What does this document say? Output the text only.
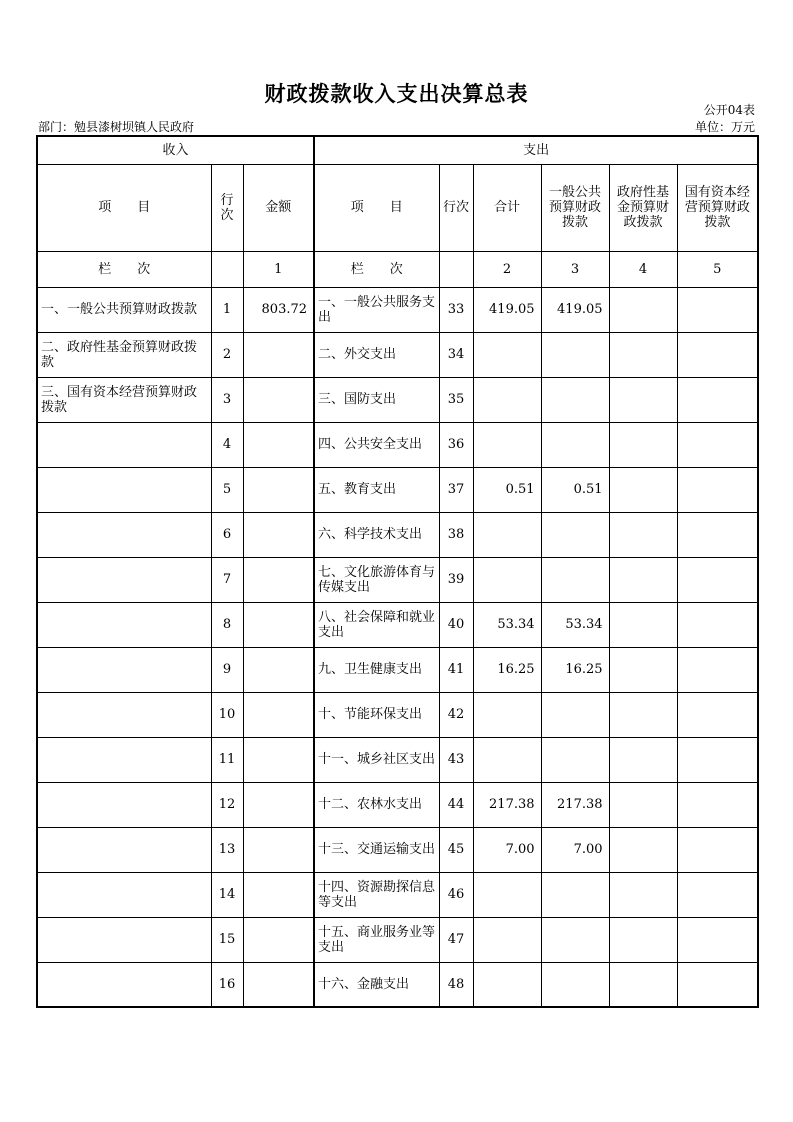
财政拨款收入支出决算总表
公开04表
部门：勉县漆树坝镇人民政府	单位：万元
收入			支出					
项　　目	行次	金额	项　　目	行次	合计	一般公共预算财政拨款	政府性基金预算财政拨款	国有资本经营预算财政拨款
栏　　次		1	栏　　次		2	3	4	5
一、一般公共预算财政拨款	1	803.72	一、一般公共服务支出	33	419.05	419.05		
二、政府性基金预算财政拨款	2		二、外交支出	34				
三、国有资本经营预算财政拨款	3		三、国防支出	35				
	4		四、公共安全支出	36				
	5		五、教育支出	37	0.51	0.51		
	6		六、科学技术支出	38				
	7		七、文化旅游体育与传媒支出	39				
	8		八、社会保障和就业支出	40	53.34	53.34		
	9		九、卫生健康支出	41	16.25	16.25		
	10		十、节能环保支出	42				
	11		十一、城乡社区支出	43				
	12		十二、农林水支出	44	217.38	217.38		
	13		十三、交通运输支出	45	7.00	7.00		
	14		十四、资源勘探信息等支出	46				
	15		十五、商业服务业等支出	47				
	16		十六、金融支出	48				
